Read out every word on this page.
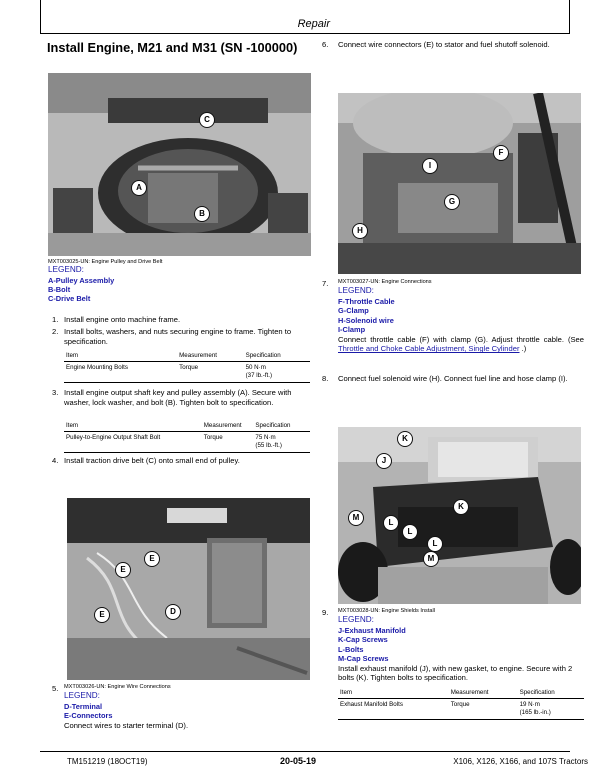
Repair
Install Engine, M21 and M31 (SN -100000)
C
A
B
MXT003025-UN: Engine Pulley and Drive Belt
LEGEND:
A-Pulley Assembly
B-Bolt
C-Drive Belt
1. Install engine onto machine frame.
2. Install bolts, washers, and nuts securing engine to frame. Tighten to specification.
Item	Measurement	Specification
Engine Mounting Bolts	Torque	50 N·m
(37 lb.-ft.)
3. Install engine output shaft key and pulley assembly (A). Secure with washer, lock washer, and bolt (B). Tighten bolt to specification.
Item	Measurement	Specification
Pulley-to-Engine Output Shaft Bolt	Torque	75 N·m
(55 lb.-ft.)
4. Install traction drive belt (C) onto small end of pulley.
E
E
E	D
5.	MXT003026-UN: Engine Wire Connections
LEGEND:
D-Terminal
E-Connectors
Connect wires to starter terminal (D).
6.	Connect wire connectors (E) to stator and fuel shutoff solenoid.
F
I
G
H
7.	MXT003027-UN: Engine Connections
LEGEND:
F-Throttle Cable
G-Clamp
H-Solenoid wire
I-Clamp
Connect throttle cable (F) with clamp (G). Adjust throttle cable. (See Throttle and Choke Cable Adjustment, Single Cylinder .)
8.	Connect fuel solenoid wire (H). Connect fuel line and hose clamp (I).
K
J
M
L
L
K
L
M
9.	MXT003028-UN: Engine Shields Install
LEGEND:
J-Exhaust Manifold
K-Cap Screws
L-Bolts
M-Cap Screws
Install exhaust manifold (J), with new gasket, to engine. Secure with 2 bolts (K). Tighten bolts to specification.
Item	Measurement	Specification
Exhaust Manifold Bolts	Torque	19 N·m
(165 lb.-in.)
TM151219 (18OCT19)	20-05-19	X106, X126, X166, and 107S Tractors
